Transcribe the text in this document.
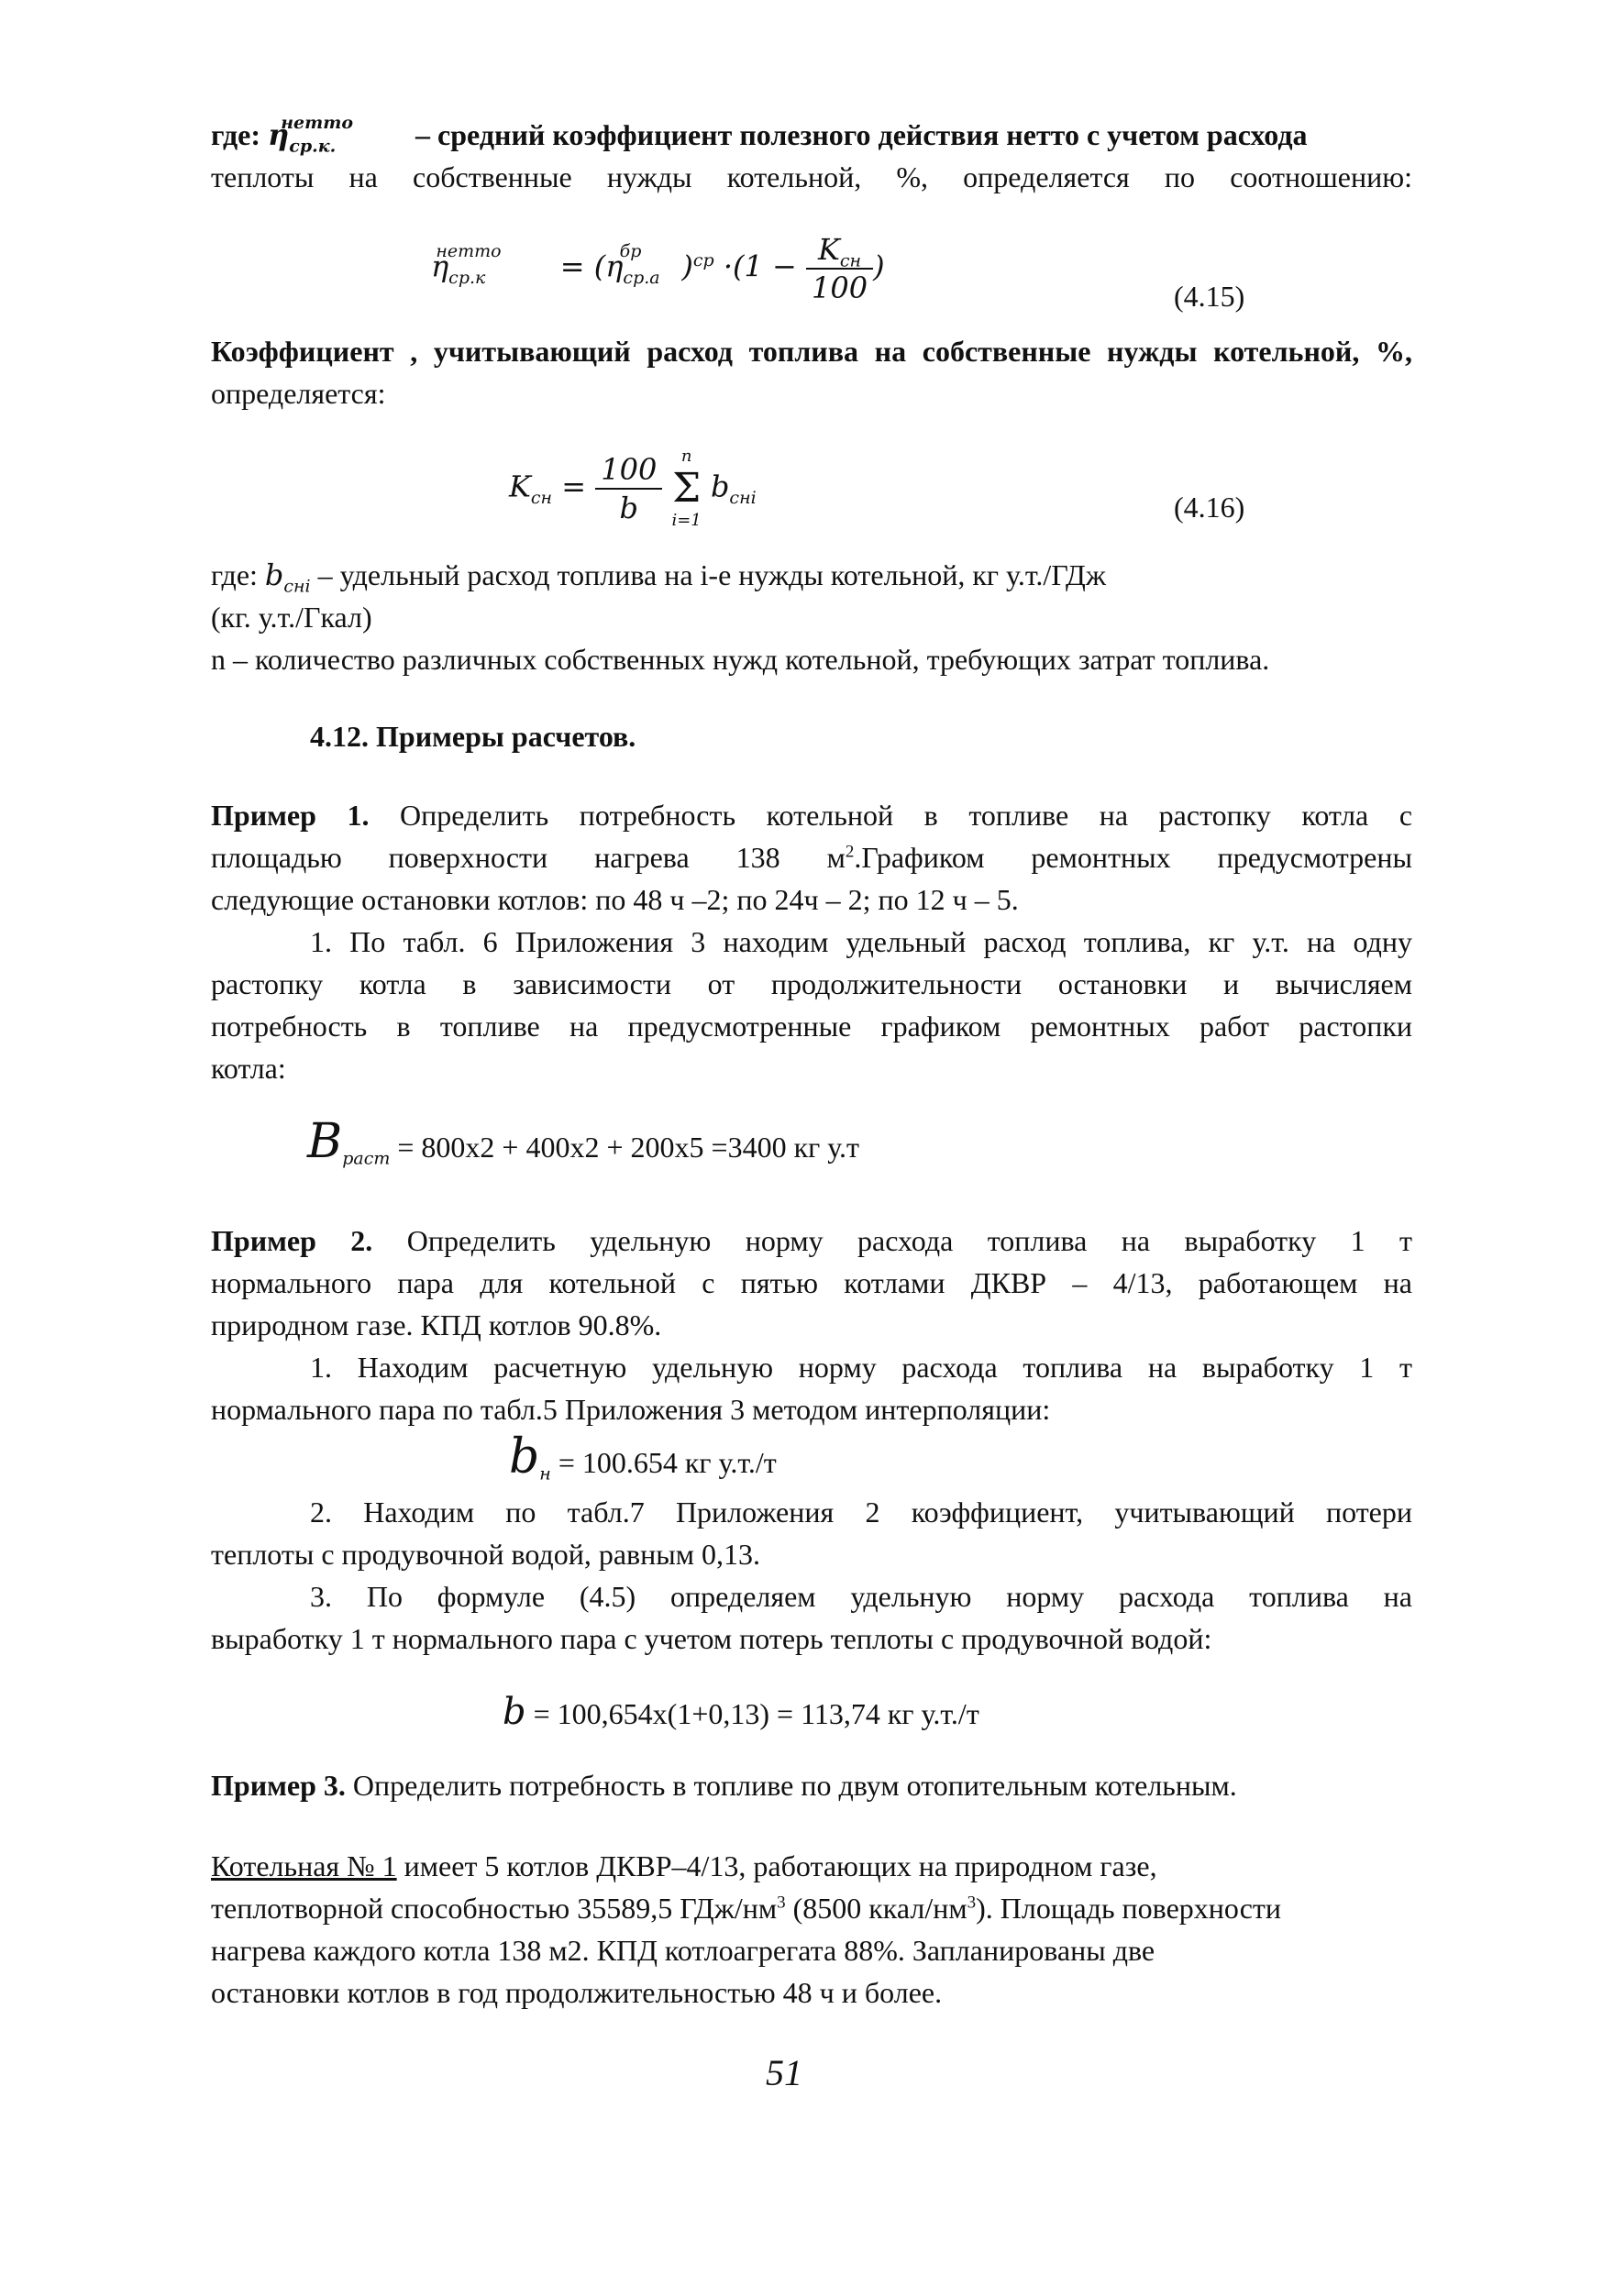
где: $\eta_{cp.к.}^{нетто}$ – средний коэффициент полезного действия нетто с учетом расхода
теплоты на собственные нужды котельной, %, определяется по соотношению:
$\eta_{cp.к}^{нетто} = (\eta_{cp.a}^{бр}$ )$^{cp} \cdot(1 - \frac{K_{сн}}{100}$ )
(4.15)
Коэффициент , учитывающий расход топлива на собственные нужды котельной, %,
определяется:
$K_{сн} = \frac{100}{b}$
	n
Σ
i=1
$b_{снi}$	(4.16)
где: $b_{снi}$ – удельный расход топлива на i-е нужды котельной, кг у.т./ГДж
(кг. у.т./Гкал)
n – количество различных собственных нужд котельной, требующих затрат топлива.
4.12. Примеры расчетов.
Пример 1. Определить потребность котельной в топливе на растопку котла с
площадью поверхности нагрева 138 $м^2.Графиком$ ремонтных предусмотрены
следующие остановки котлов: по 48 ч –2; по 24ч – 2; по 12 ч – 5.
1. По табл. 6 Приложения 3 находим удельный расход топлива, кг у.т. на одну
растопку котла в зависимости от продолжительности остановки и вычисляем
потребность в топливе на предусмотренные графиком ремонтных работ растопки
котла:
$B_{расm} = 800x2 + 400x2 + 200x5 =3400$ кг у.т
Пример 2. Определить удельную норму расхода топлива на выработку 1 т
нормального пара для котельной с пятью котлами ДКВР – 4/13, работающем на
природном газе. КПД котлов 90.8%.
1. Находим расчетную удельную норму расхода топлива на выработку 1 т
нормального пара по табл.5 Приложения 3 методом интерполяции:
$b_н = 100.654$ кг у.т./т
2. Находим по табл.7 Приложения 2 коэффициент, учитывающий потери
теплоты с продувочной водой, равным 0,13.
3. По формуле (4.5) определяем удельную норму расхода топлива на
выработку 1 т нормального пара с учетом потерь теплоты с продувочной водой:
b = 100,654x(1+0,13) = 113,74 кг у.т./т
Пример 3. Определить потребность в топливе по двум отопительным котельным.
Котельная № 1 имеет 5 котлов ДКВР–4/13, работающих на природном газе,
теплотворной способностью 35589,5 ГДж/$нм^3$ (8500 ккал/$нм^3$). Площадь поверхности
нагрева каждого котла 138 м2. КПД котлоагрегата 88%. Запланированы две
остановки котлов в год продолжительностью 48 ч и более.
51
